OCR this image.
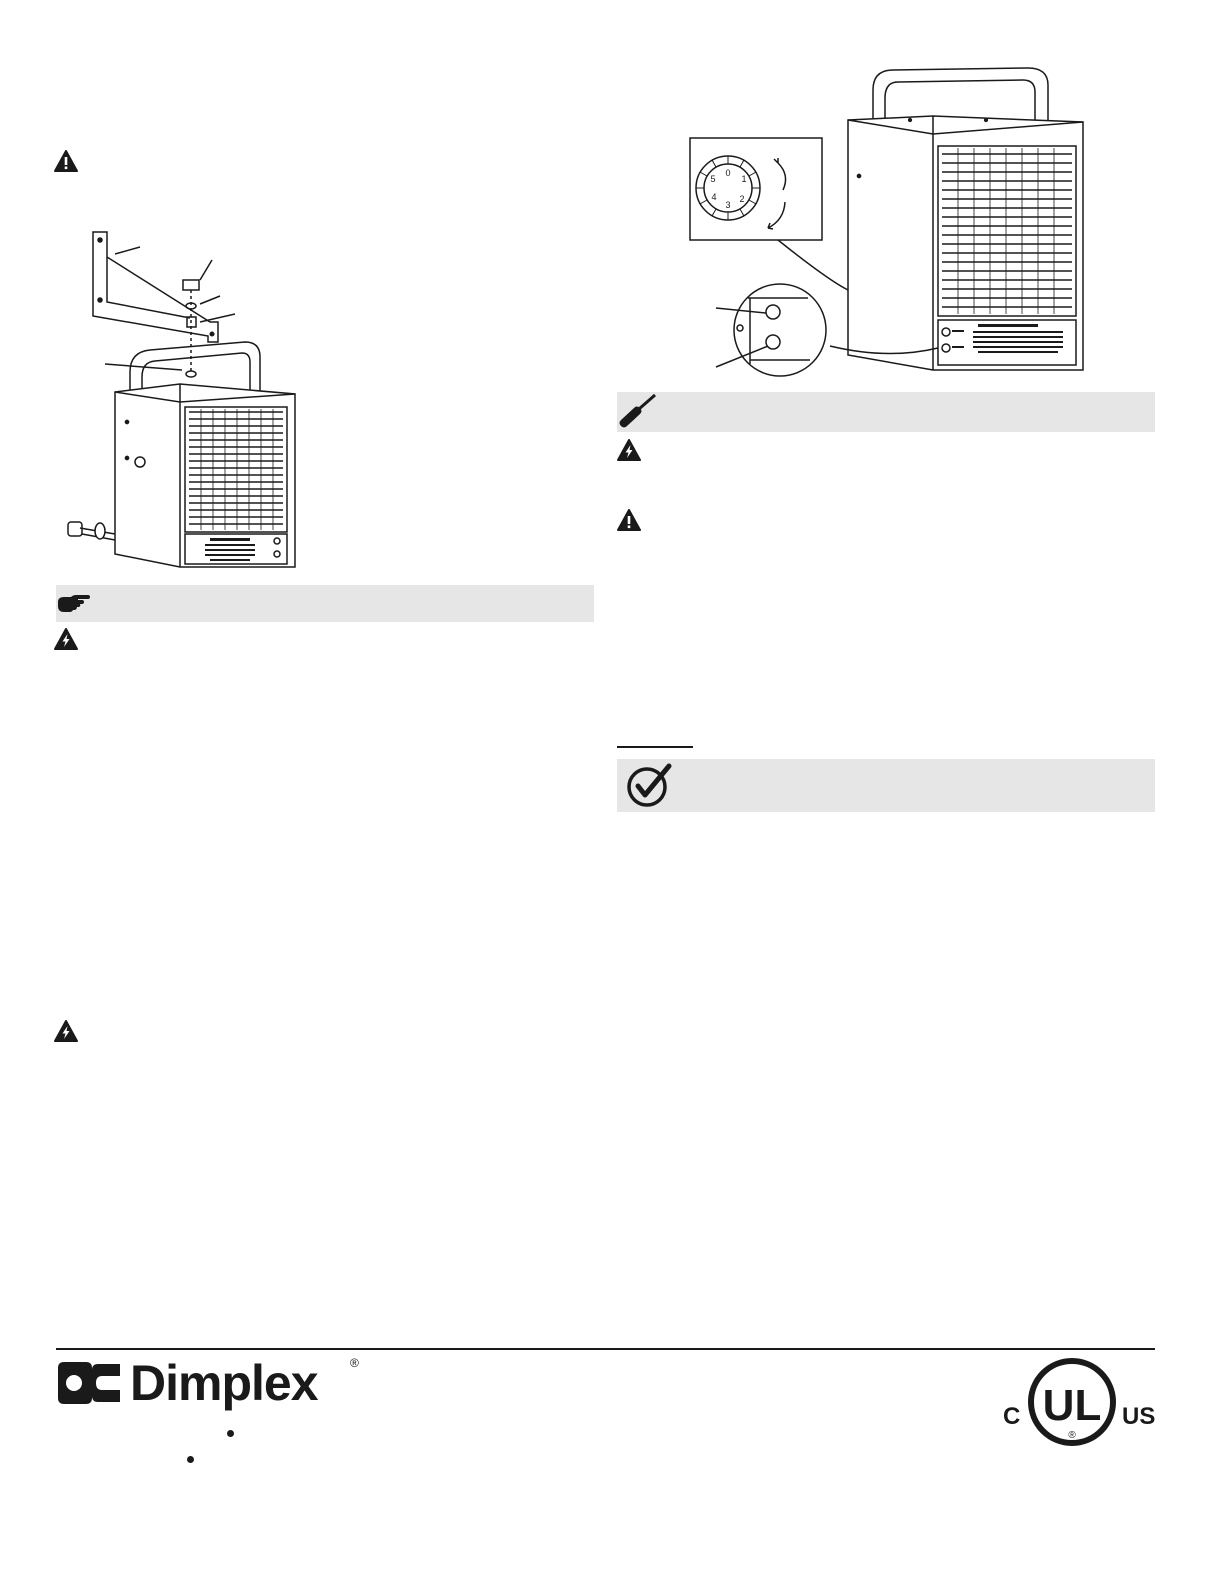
0
1
2
3
4
5
Dimplex	®
C UL
®
US
